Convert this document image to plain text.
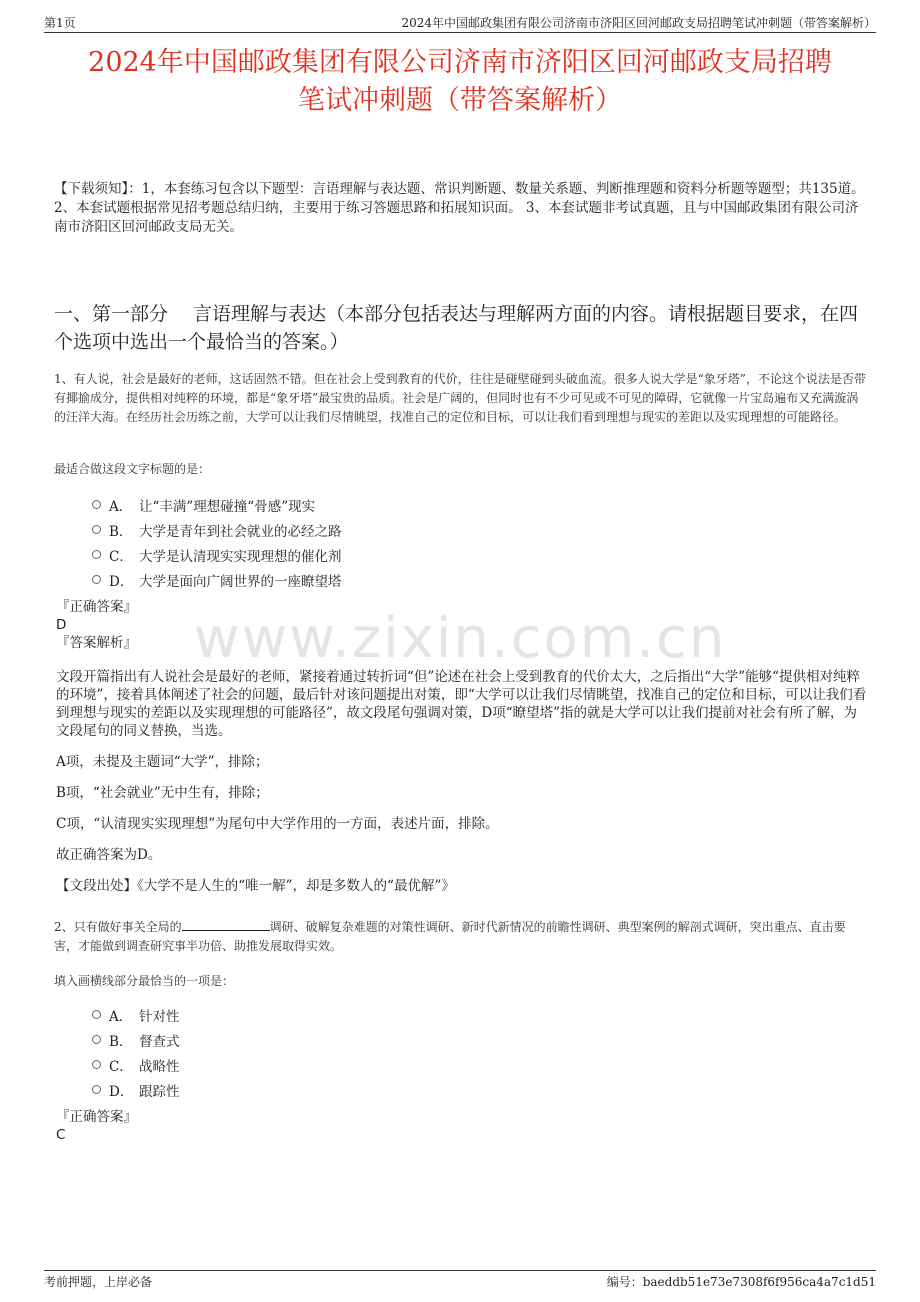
第1页	2024年中国邮政集团有限公司济南市济阳区回河邮政支局招聘笔试冲刺题（带答案解析）
2024年中国邮政集团有限公司济南市济阳区回河邮政支局招聘
笔试冲刺题（带答案解析）
【下载须知】：1，本套练习包含以下题型：言语理解与表达题、常识判断题、数量关系题、判断推理题和资料分析题等题型；共135道。 2、本套试题根据常见招考题总结归纳，主要用于练习答题思路和拓展知识面。 3、本套试题非考试真题，且与中国邮政集团有限公司济南市济阳区回河邮政支局无关。
一、第一部分　 言语理解与表达（本部分包括表达与理解两方面的内容。请根据题目要求，在四个选项中选出一个最恰当的答案。）
www.zixin.com.cn
1、有人说，社会是最好的老师，这话固然不错。但在社会上受到教育的代价，往往是碰壁碰到头破血流。很多人说大学是“象牙塔”，不论这个说法是否带有揶揄成分，提供相对纯粹的环境，都是“象牙塔”最宝贵的品质。社会是广阔的，但同时也有不少可见或不可见的障碍，它就像一片宝岛遍布又充满漩涡的汪洋大海。在经历社会历练之前，大学可以让我们尽情眺望，找准自己的定位和目标，可以让我们看到理想与现实的差距以及实现理想的可能路径。
最适合做这段文字标题的是：
A． 让“丰满”理想碰撞“骨感”现实
B． 大学是青年到社会就业的必经之路
C． 大学是认清现实实现理想的催化剂
D． 大学是面向广阔世界的一座瞭望塔
『正确答案』
D
『答案解析』

文段开篇指出有人说社会是最好的老师，紧接着通过转折词“但”论述在社会上受到教育的代价太大，之后指出“大学”能够“提供相对纯粹的环境”，接着具体阐述了社会的问题，最后针对该问题提出对策，即“大学可以让我们尽情眺望，找准自己的定位和目标，可以让我们看到理想与现实的差距以及实现理想的可能路径”，故文段尾句强调对策，D项“瞭望塔”指的就是大学可以让我们提前对社会有所了解，为文段尾句的同义替换，当选。

A项，未提及主题词“大学”，排除；

B项，“社会就业”无中生有，排除；

C项，“认清现实实现理想”为尾句中大学作用的一方面，表述片面，排除。

故正确答案为D。

【文段出处】《大学不是人生的“唯一解”，却是多数人的“最优解”》

2、只有做好事关全局的	调研、破解复杂难题的对策性调研、新时代新情况的前瞻性调研、典型案例的解剖式调研，突出重点、直击要害，才能做到调查研究事半功倍、助推发展取得实效。
填入画横线部分最恰当的一项是：
A． 针对性
B． 督查式
C． 战略性
D． 跟踪性
『正确答案』
C
考前押题，上岸必备	编号：baeddb51e73e7308f6f956ca4a7c1d51
